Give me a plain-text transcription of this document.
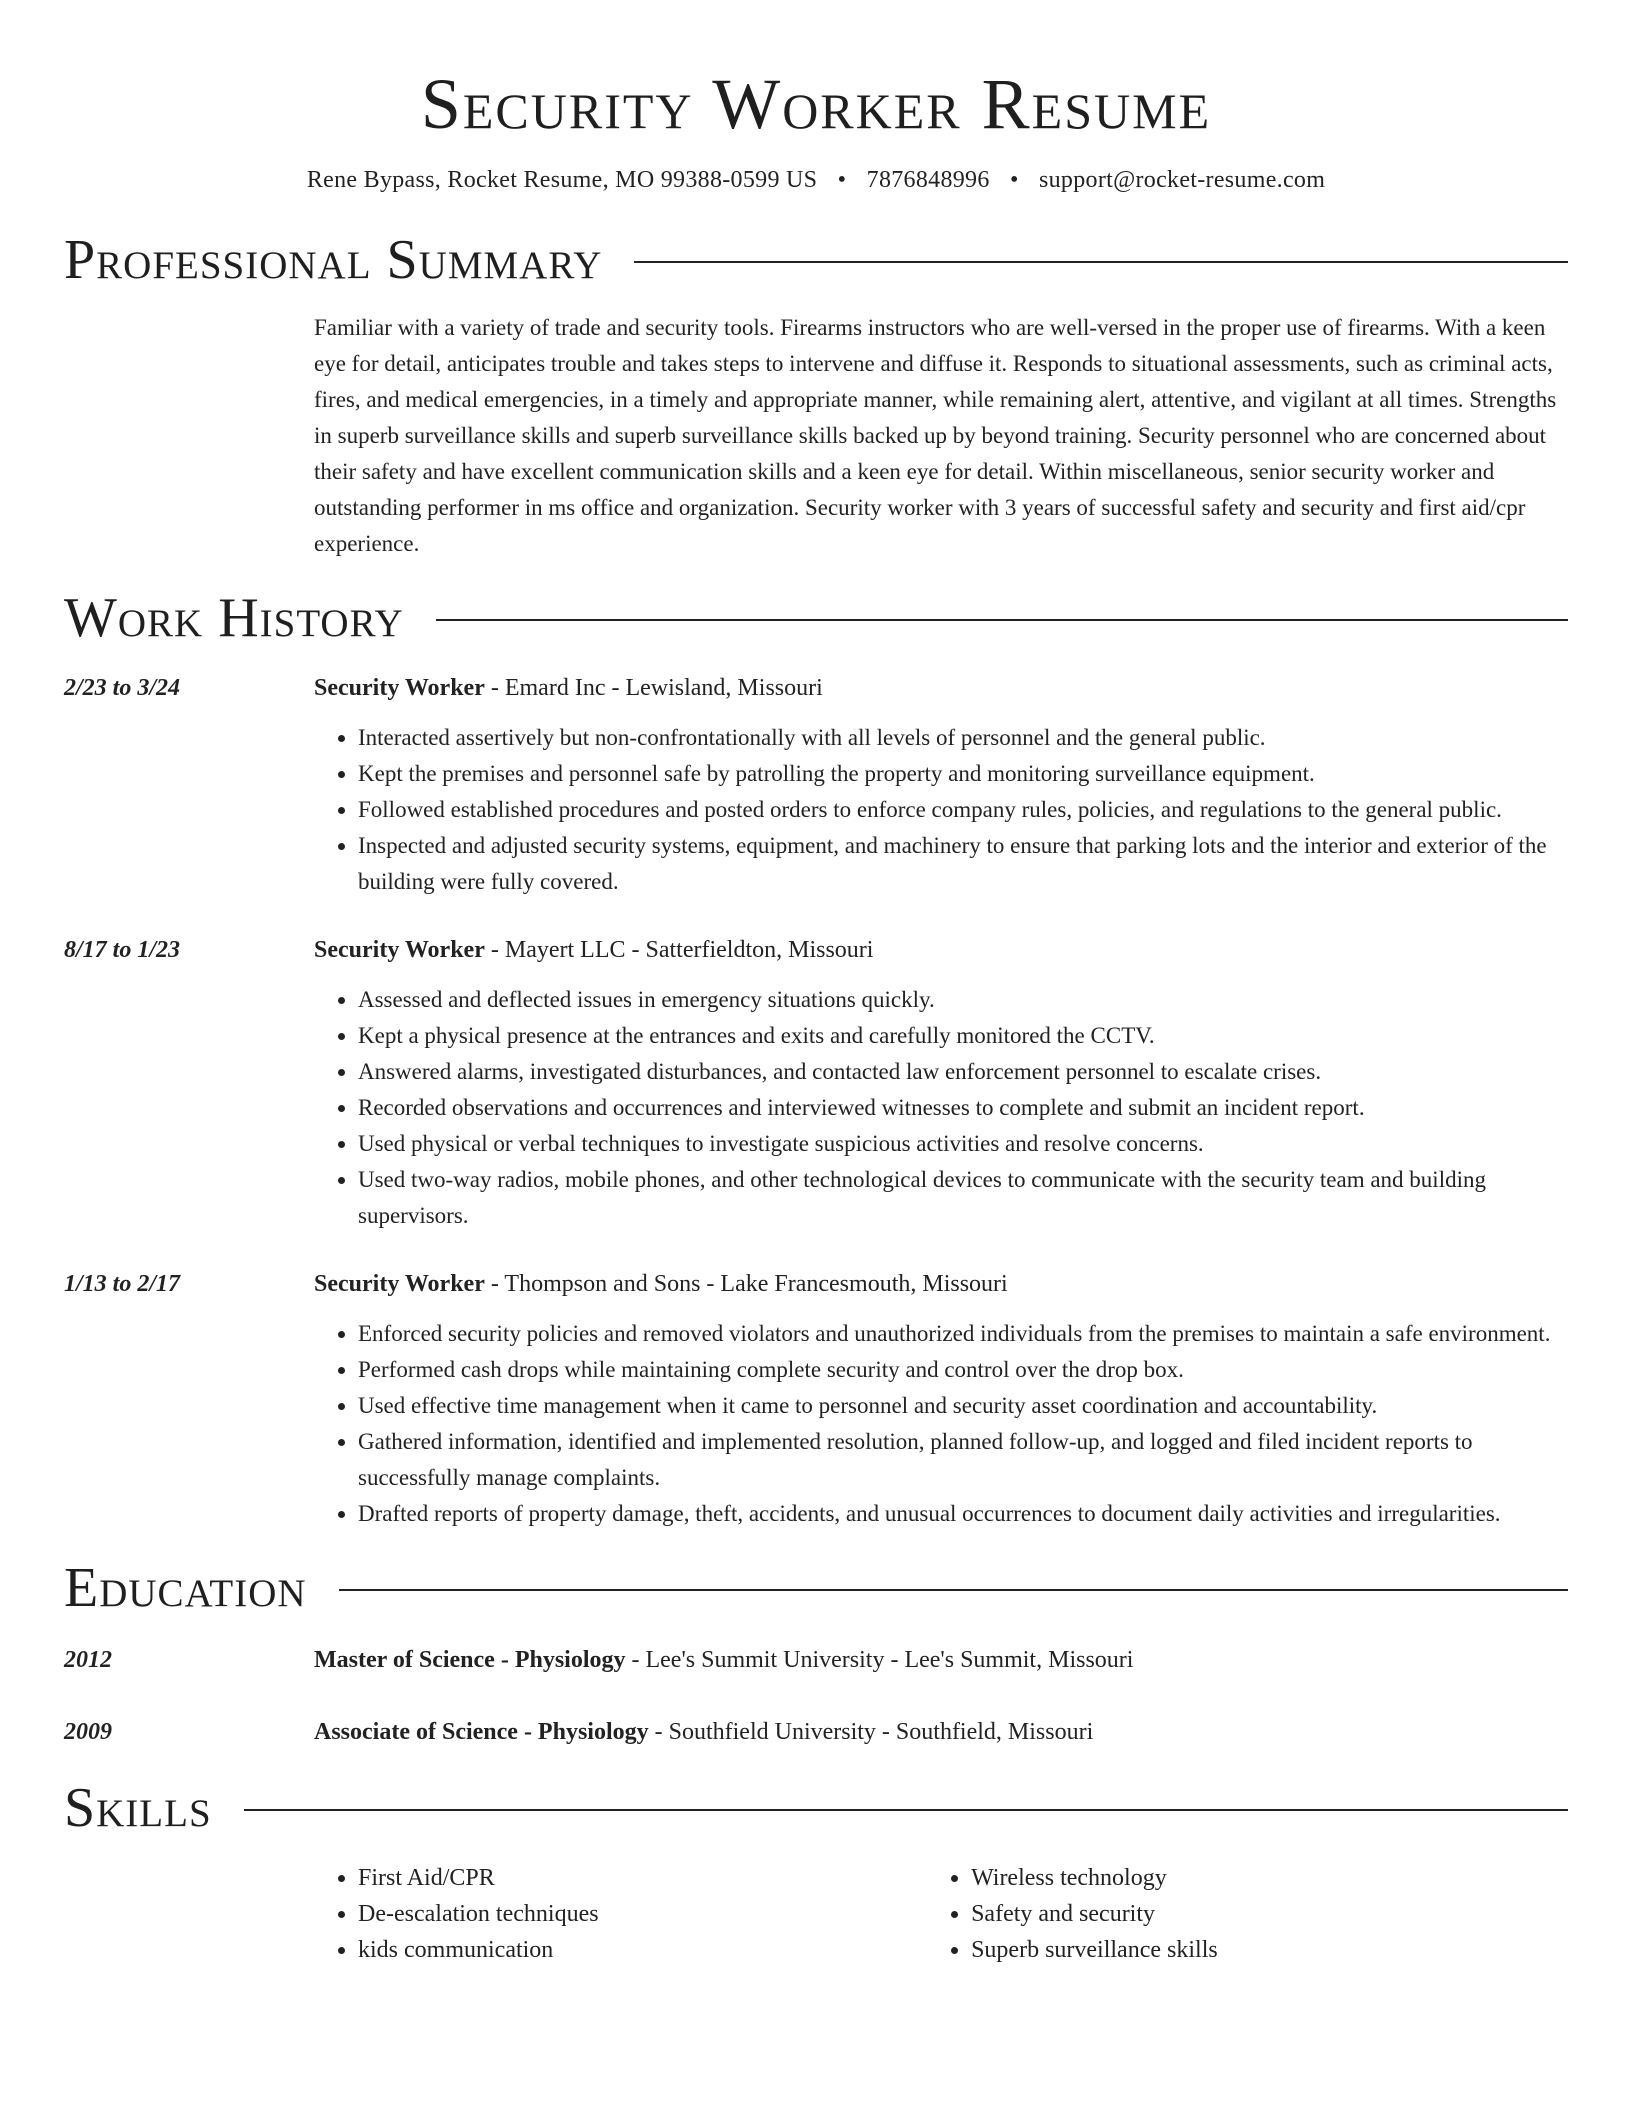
Security Worker Resume
Rene Bypass, Rocket Resume, MO 99388-0599 US • 7876848996 • support@rocket-resume.com
Professional Summary

Familiar with a variety of trade and security tools. Firearms instructors who are well-versed in the proper use of firearms. With a keen eye for detail, anticipates trouble and takes steps to intervene and diffuse it. Responds to situational assessments, such as criminal acts, fires, and medical emergencies, in a timely and appropriate manner, while remaining alert, attentive, and vigilant at all times. Strengths in superb surveillance skills and superb surveillance skills backed up by beyond training. Security personnel who are concerned about their safety and have excellent communication skills and a keen eye for detail. Within miscellaneous, senior security worker and outstanding performer in ms office and organization. Security worker with 3 years of successful safety and security and first aid/cpr experience.

Work History
2/23 to 3/24	Security Worker - Emard Inc - Lewisland, Missouri
• Interacted assertively but non-confrontationally with all levels of personnel and the general public.
• Kept the premises and personnel safe by patrolling the property and monitoring surveillance equipment.
• Followed established procedures and posted orders to enforce company rules, policies, and regulations to the general public.
• Inspected and adjusted security systems, equipment, and machinery to ensure that parking lots and the interior and exterior of the building were fully covered.
8/17 to 1/23	Security Worker - Mayert LLC - Satterfieldton, Missouri
• Assessed and deflected issues in emergency situations quickly.
• Kept a physical presence at the entrances and exits and carefully monitored the CCTV.
• Answered alarms, investigated disturbances, and contacted law enforcement personnel to escalate crises.
• Recorded observations and occurrences and interviewed witnesses to complete and submit an incident report.
• Used physical or verbal techniques to investigate suspicious activities and resolve concerns.
• Used two-way radios, mobile phones, and other technological devices to communicate with the security team and building supervisors.
1/13 to 2/17	Security Worker - Thompson and Sons - Lake Francesmouth, Missouri
• Enforced security policies and removed violators and unauthorized individuals from the premises to maintain a safe environment.
• Performed cash drops while maintaining complete security and control over the drop box.
• Used effective time management when it came to personnel and security asset coordination and accountability.
• Gathered information, identified and implemented resolution, planned follow-up, and logged and filed incident reports to successfully manage complaints.
• Drafted reports of property damage, theft, accidents, and unusual occurrences to document daily activities and irregularities.
Education
2012	Master of Science - Physiology - Lee's Summit University - Lee's Summit, Missouri
2009	Associate of Science - Physiology - Southfield University - Southfield, Missouri
Skills
• First Aid/CPR
• De-escalation techniques
• kids communication
• Wireless technology
• Safety and security
• Superb surveillance skills
